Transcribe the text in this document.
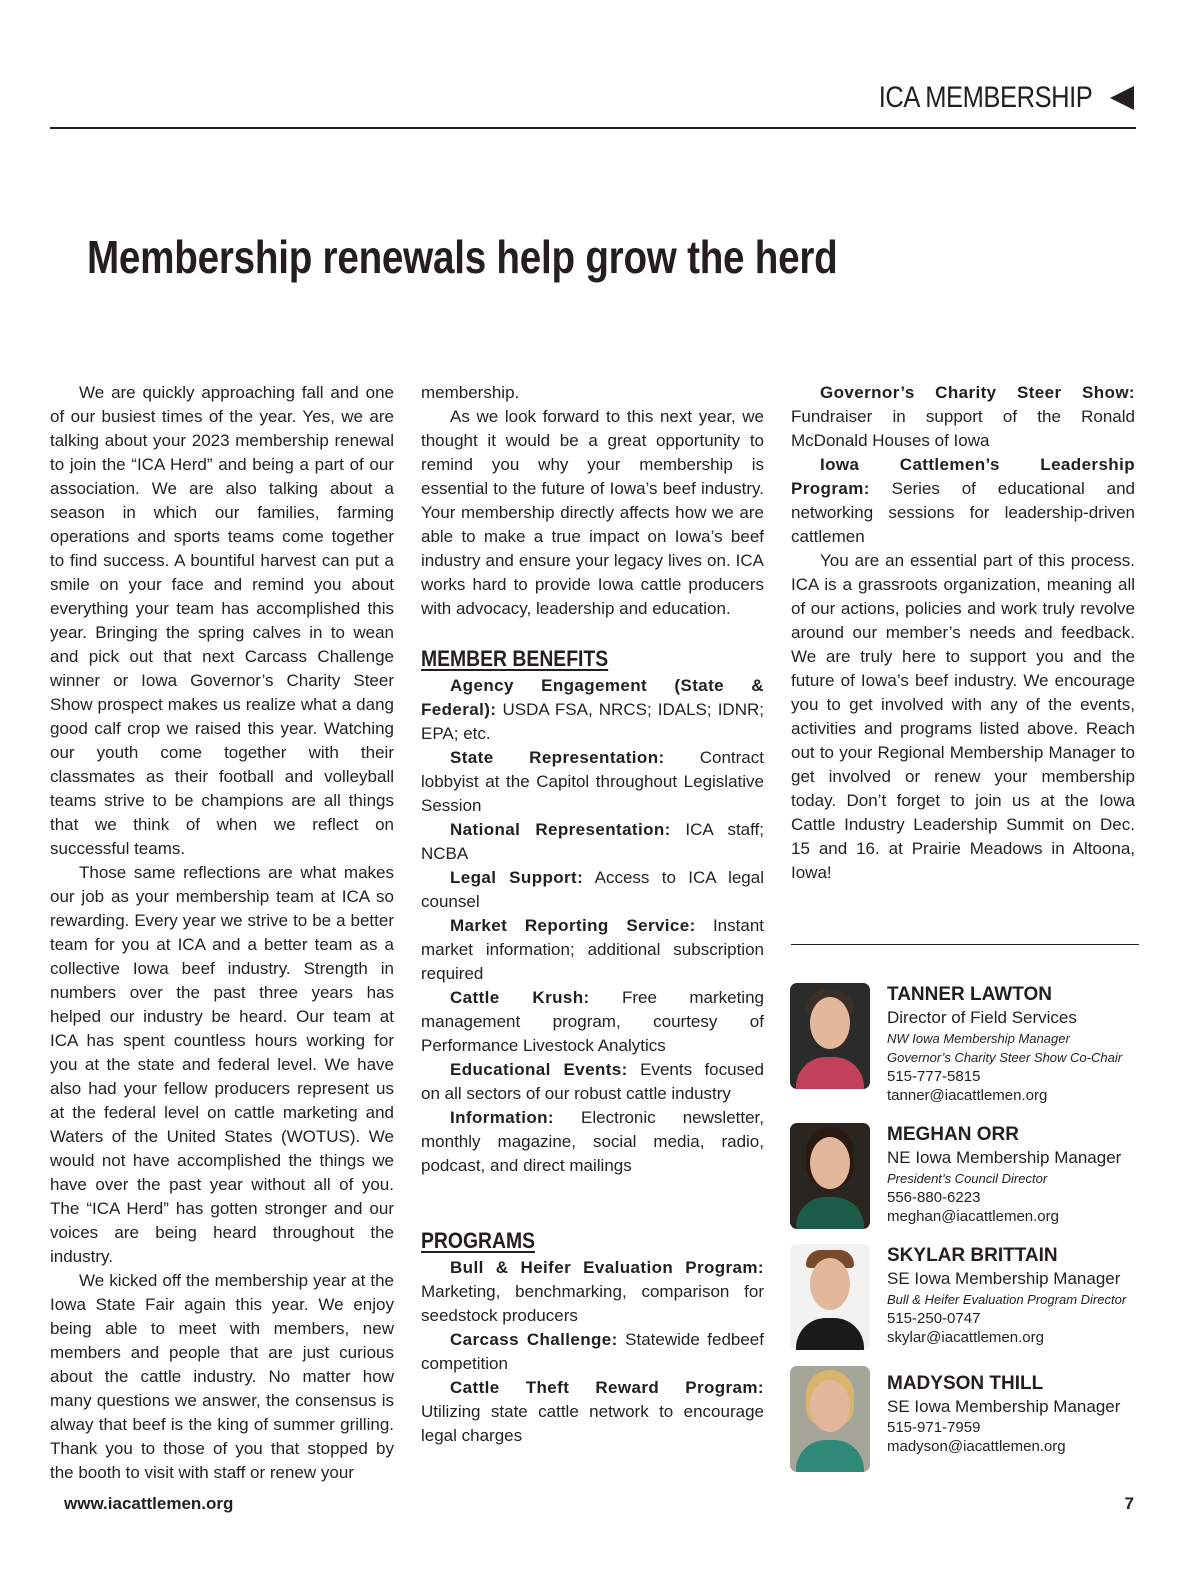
ICA MEMBERSHIP
Membership renewals help grow the herd

We are quickly approaching fall and one of our busiest times of the year. Yes, we are talking about your 2023 membership renewal to join the “ICA Herd” and being a part of our association. We are also talking about a season in which our families, farming operations and sports teams come together to find success. A bountiful harvest can put a smile on your face and remind you about everything your team has accomplished this year. Bringing the spring calves in to wean and pick out that next Carcass Challenge winner or Iowa Governor’s Charity Steer Show prospect makes us realize what a dang good calf crop we raised this year. Watching our youth come together with their classmates as their football and volleyball teams strive to be champions are all things that we think of when we reflect on successful teams.

Those same reflections are what makes our job as your membership team at ICA so rewarding. Every year we strive to be a better team for you at ICA and a better team as a collective Iowa beef industry. Strength in numbers over the past three years has helped our industry be heard. Our team at ICA has spent countless hours working for you at the state and federal level. We have also had your fellow producers represent us at the federal level on cattle marketing and Waters of the United States (WOTUS). We would not have accomplished the things we have over the past year without all of you. The “ICA Herd” has gotten stronger and our voices are being heard throughout the industry.

We kicked off the membership year at the Iowa State Fair again this year. We enjoy being able to meet with members, new members and people that are just curious about the cattle industry. No matter how many questions we answer, the consensus is alway that beef is the king of summer grilling. Thank you to those of you that stopped by the booth to visit with staff or renew your

membership.

As we look forward to this next year, we thought it would be a great opportunity to remind you why your membership is essential to the future of Iowa’s beef industry. Your membership directly affects how we are able to make a true impact on Iowa’s beef industry and ensure your legacy lives on. ICA works hard to provide Iowa cattle producers with advocacy, leadership and education.

MEMBER BENEFITS

Agency Engagement (State & Federal): USDA FSA, NRCS; IDALS; IDNR; EPA; etc.

State Representation: Contract lobbyist at the Capitol throughout Legislative Session

National Representation: ICA staff; NCBA

Legal Support: Access to ICA legal counsel

Market Reporting Service: Instant market information; additional subscription required

Cattle Krush: Free marketing management program, courtesy of Performance Livestock Analytics

Educational Events: Events focused on all sectors of our robust cattle industry

Information: Electronic newsletter, monthly magazine, social media, radio, podcast, and direct mailings

PROGRAMS

Bull & Heifer Evaluation Program: Marketing, benchmarking, comparison for seedstock producers

Carcass Challenge: Statewide fedbeef competition

Cattle Theft Reward Program: Utilizing state cattle network to encourage legal charges

Governor’s Charity Steer Show: Fundraiser in support of the Ronald McDonald Houses of Iowa

Iowa Cattlemen’s Leadership Program: Series of educational and networking sessions for leadership-driven cattlemen

You are an essential part of this process. ICA is a grassroots organization, meaning all of our actions, policies and work truly revolve around our member’s needs and feedback. We are truly here to support you and the future of Iowa’s beef industry. We encourage you to get involved with any of the events, activities and programs listed above. Reach out to your Regional Membership Manager to get involved or renew your membership today. Don’t forget to join us at the Iowa Cattle Industry Leadership Summit on Dec. 15 and 16. at Prairie Meadows in Altoona, Iowa!

TANNER LAWTON

Director of Field Services

NW Iowa Membership Manager

Governor’s Charity Steer Show Co-Chair

515-777-5815

tanner@iacattlemen.org

MEGHAN ORR

NE Iowa Membership Manager

President’s Council Director

556-880-6223

meghan@iacattlemen.org

SKYLAR BRITTAIN

SE Iowa Membership Manager

Bull & Heifer Evaluation Program Director

515-250-0747

skylar@iacattlemen.org

MADYSON THILL

SE Iowa Membership Manager

515-971-7959

madyson@iacattlemen.org

www.iacattlemen.org	7
